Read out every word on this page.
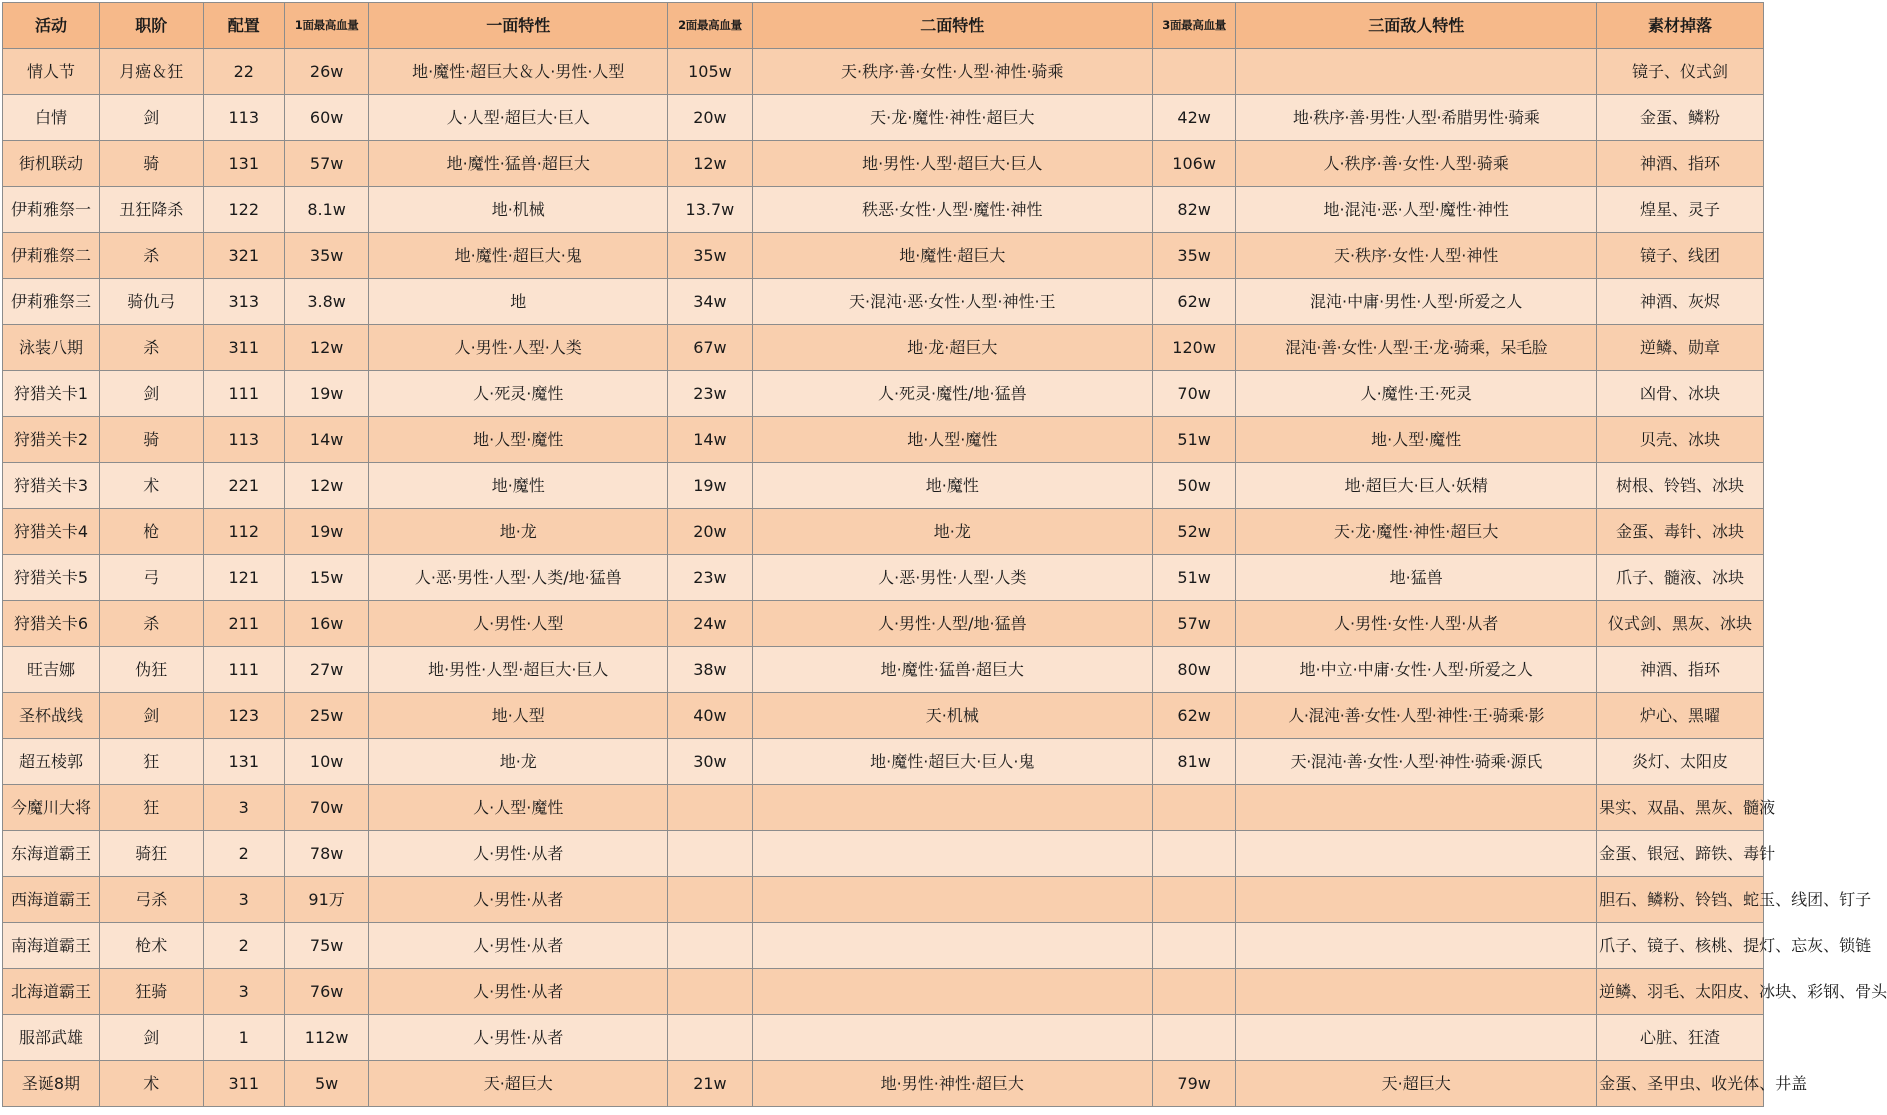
活动	职阶	配置	1面最高血量	一面特性	2面最高血量	二面特性	3面最高血量	三面敌人特性	素材掉落
情人节	月癌＆狂	22	26w	地·魔性·超巨大＆人·男性·人型	105w	天·秩序·善·女性·人型·神性·骑乘			镜子、仪式剑
白情	剑	113	60w	人·人型·超巨大·巨人	20w	天·龙·魔性·神性·超巨大	42w	地·秩序·善·男性·人型·希腊男性·骑乘	金蛋、鳞粉
街机联动	骑	131	57w	地·魔性·猛兽·超巨大	12w	地·男性·人型·超巨大·巨人	106w	人·秩序·善·女性·人型·骑乘	神酒、指环
伊莉雅祭一	丑狂降杀	122	8.1w	地·机械	13.7w	秩恶·女性·人型·魔性·神性	82w	地·混沌·恶·人型·魔性·神性	煌星、灵子
伊莉雅祭二	杀	321	35w	地·魔性·超巨大·鬼	35w	地·魔性·超巨大	35w	天·秩序·女性·人型·神性	镜子、线团
伊莉雅祭三	骑仇弓	313	3.8w	地	34w	天·混沌·恶·女性·人型·神性·王	62w	混沌·中庸·男性·人型·所爱之人	神酒、灰烬
泳装八期	杀	311	12w	人·男性·人型·人类	67w	地·龙·超巨大	120w	混沌·善·女性·人型·王·龙·骑乘，呆毛脸	逆鳞、勋章
狩猎关卡1	剑	111	19w	人·死灵·魔性	23w	人·死灵·魔性/地·猛兽	70w	人·魔性·王·死灵	凶骨、冰块
狩猎关卡2	骑	113	14w	地·人型·魔性	14w	地·人型·魔性	51w	地·人型·魔性	贝壳、冰块
狩猎关卡3	术	221	12w	地·魔性	19w	地·魔性	50w	地·超巨大·巨人·妖精	树根、铃铛、冰块
狩猎关卡4	枪	112	19w	地·龙	20w	地·龙	52w	天·龙·魔性·神性·超巨大	金蛋、毒针、冰块
狩猎关卡5	弓	121	15w	人·恶·男性·人型·人类/地·猛兽	23w	人·恶·男性·人型·人类	51w	地·猛兽	爪子、髓液、冰块
狩猎关卡6	杀	211	16w	人·男性·人型	24w	人·男性·人型/地·猛兽	57w	人·男性·女性·人型·从者	仪式剑、黑灰、冰块
旺吉娜	伪狂	111	27w	地·男性·人型·超巨大·巨人	38w	地·魔性·猛兽·超巨大	80w	地·中立·中庸·女性·人型·所爱之人	神酒、指环
圣杯战线	剑	123	25w	地·人型	40w	天·机械	62w	人·混沌·善·女性·人型·神性·王·骑乘·影	炉心、黑曜
超五棱郭	狂	131	10w	地·龙	30w	地·魔性·超巨大·巨人·鬼	81w	天·混沌·善·女性·人型·神性·骑乘·源氏	炎灯、太阳皮
今魔川大将	狂	3	70w	人·人型·魔性					果实、双晶、黑灰、髓液
东海道霸王	骑狂	2	78w	人·男性·从者					金蛋、银冠、蹄铁、毒针
西海道霸王	弓杀	3	91万	人·男性·从者					胆石、鳞粉、铃铛、蛇玉、线团、钉子
南海道霸王	枪术	2	75w	人·男性·从者					爪子、镜子、核桃、提灯、忘灰、锁链
北海道霸王	狂骑	3	76w	人·男性·从者					逆鳞、羽毛、太阳皮、冰块、彩钢、骨头
服部武雄	剑	1	112w	人·男性·从者					心脏、狂渣
圣诞8期	术	311	5w	天·超巨大	21w	地·男性·神性·超巨大	79w	天·超巨大	金蛋、圣甲虫、收光体、井盖
